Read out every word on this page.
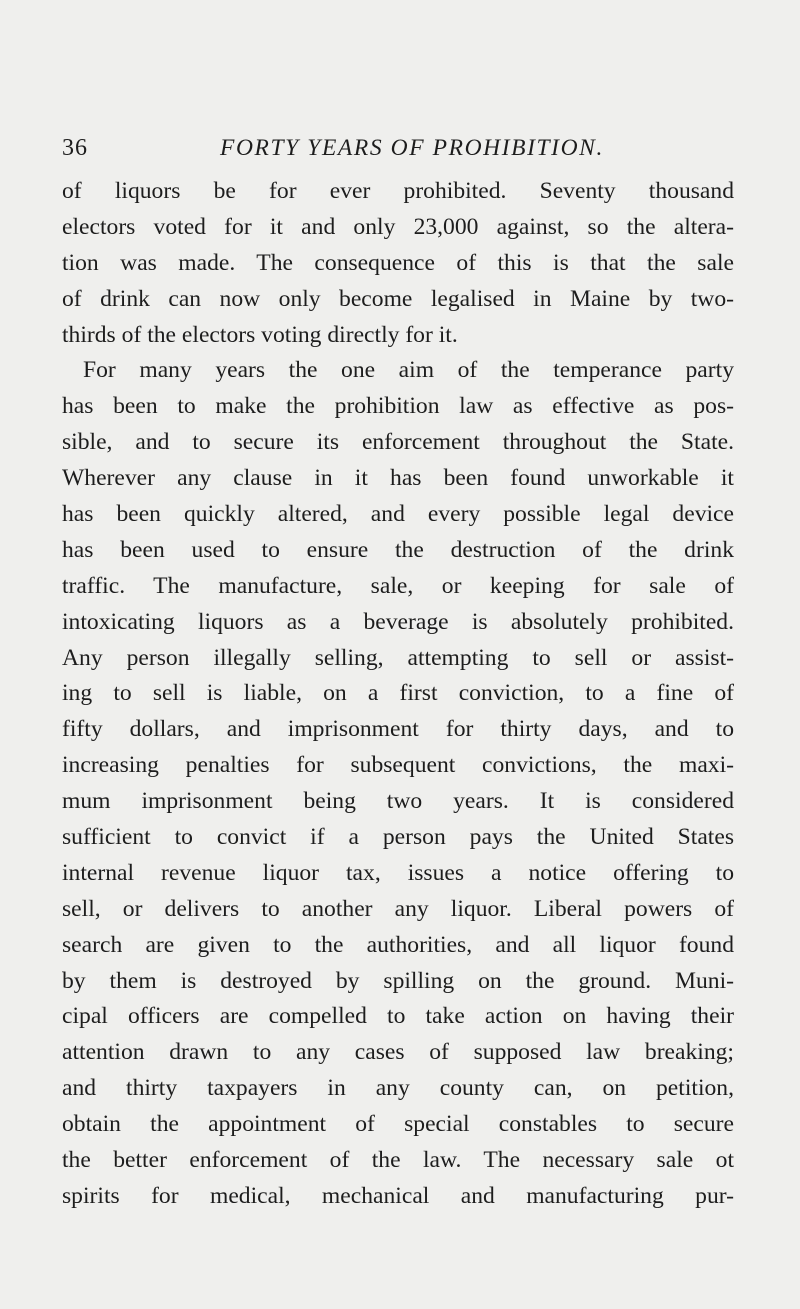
36	FORTY YEARS OF PROHIBITION.
of liquors be for ever prohibited. Seventy thousand
electors voted for it and only 23,000 against, so the altera-
tion was made. The consequence of this is that the sale
of drink can now only become legalised in Maine by two-
thirds of the electors voting directly for it.
For many years the one aim of the temperance party
has been to make the prohibition law as effective as pos-
sible, and to secure its enforcement throughout the State.
Wherever any clause in it has been found unworkable it
has been quickly altered, and every possible legal device
has been used to ensure the destruction of the drink
traffic. The manufacture, sale, or keeping for sale of
intoxicating liquors as a beverage is absolutely prohibited.
Any person illegally selling, attempting to sell or assist-
ing to sell is liable, on a first conviction, to a fine of
fifty dollars, and imprisonment for thirty days, and to
increasing penalties for subsequent convictions, the maxi-
mum imprisonment being two years. It is considered
sufficient to convict if a person pays the United States
internal revenue liquor tax, issues a notice offering to
sell, or delivers to another any liquor. Liberal powers of
search are given to the authorities, and all liquor found
by them is destroyed by spilling on the ground. Muni-
cipal officers are compelled to take action on having their
attention drawn to any cases of supposed law breaking;
and thirty taxpayers in any county can, on petition,
obtain the appointment of special constables to secure
the better enforcement of the law. The necessary sale ot
spirits for medical, mechanical and manufacturing pur-
